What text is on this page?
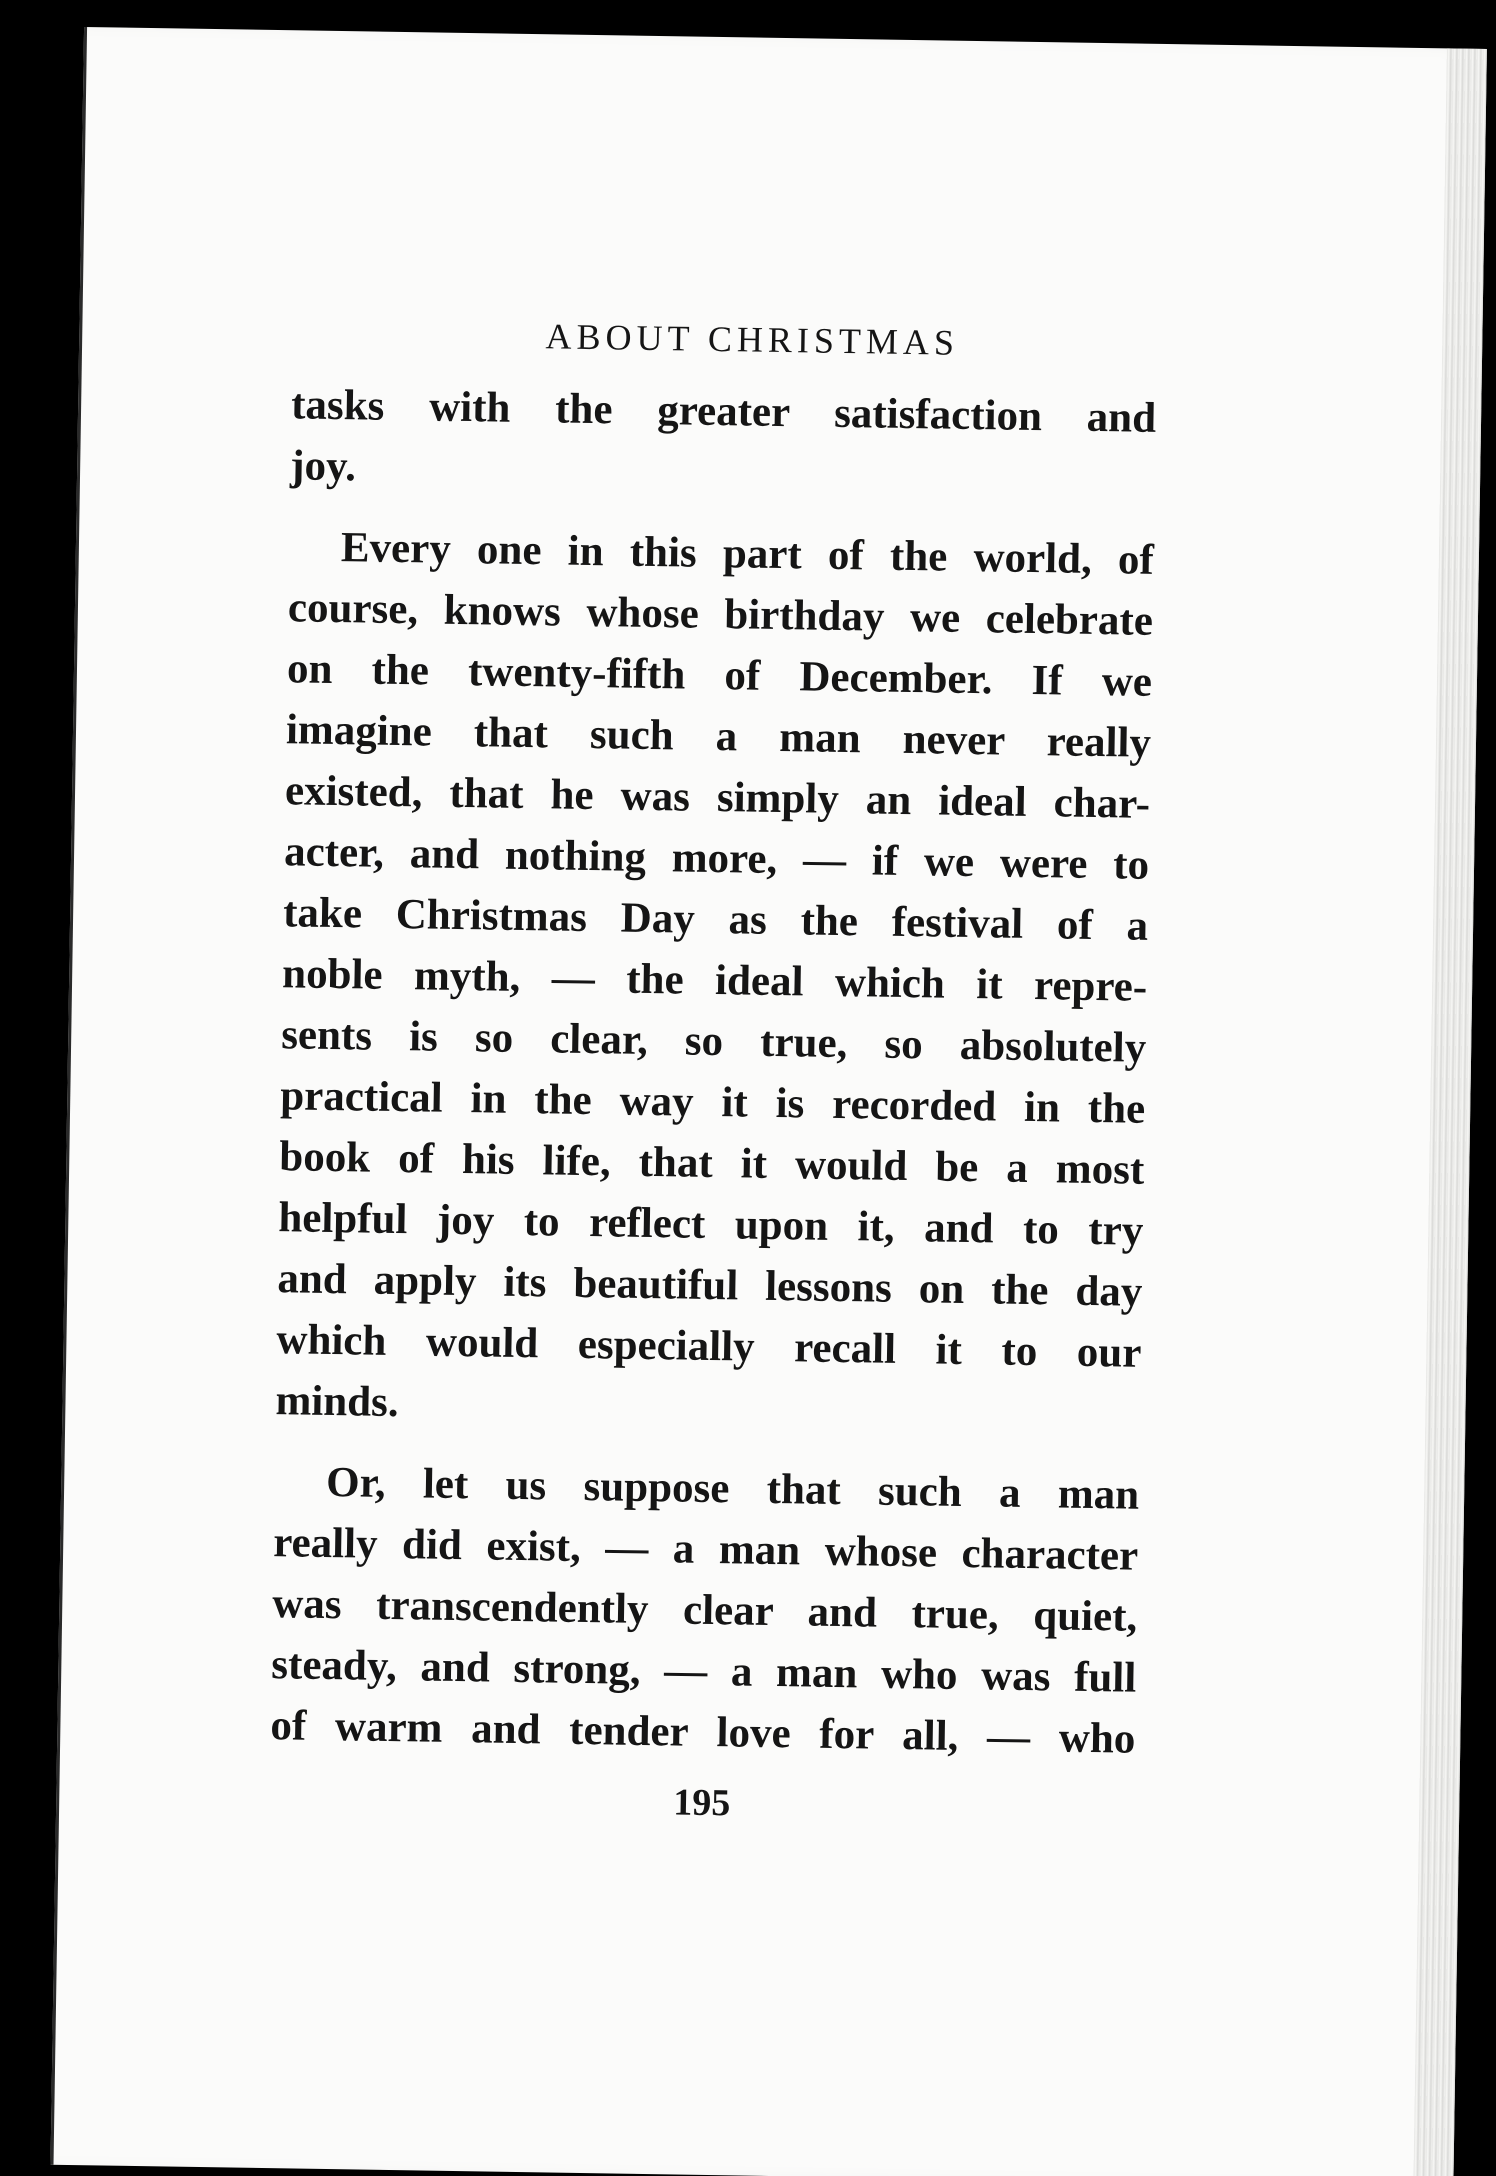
ABOUT CHRISTMAS
tasks with the greater satisfaction and
joy.
Every one in this part of the world, of
course, knows whose birthday we celebrate
on the twenty-fifth of December. If we
imagine that such a man never really
existed, that he was simply an ideal char-
acter, and nothing more, — if we were to
take Christmas Day as the festival of a
noble myth, — the ideal which it repre-
sents is so clear, so true, so absolutely
practical in the way it is recorded in the
book of his life, that it would be a most
helpful joy to reflect upon it, and to try
and apply its beautiful lessons on the day
which would especially recall it to our
minds.
Or, let us suppose that such a man
really did exist, — a man whose character
was transcendently clear and true, quiet,
steady, and strong, — a man who was full
of warm and tender love for all, — who
195
